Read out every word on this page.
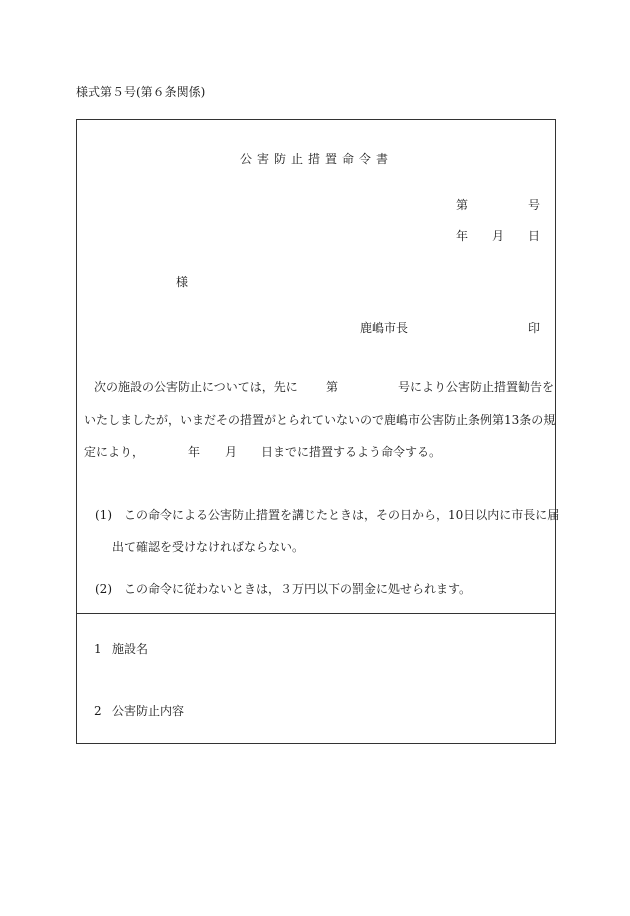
様式第５号(第６条関係)
公害防止措置命令書
第	号
年 月 日
様
鹿嶋市長	印
次の施設の公害防止については，先に 第	号により公害防止措置勧告を
いたしましたが，いまだその措置がとられていないので鹿嶋市公害防止条例第13条の規
定により，	年 月 日までに措置するよう命令する。
(1) この命令による公害防止措置を講じたときは，その日から，10日以内に市長に届
出て確認を受けなければならない。
(2) この命令に従わないときは，３万円以下の罰金に処せられます。
1 施設名
2 公害防止内容
